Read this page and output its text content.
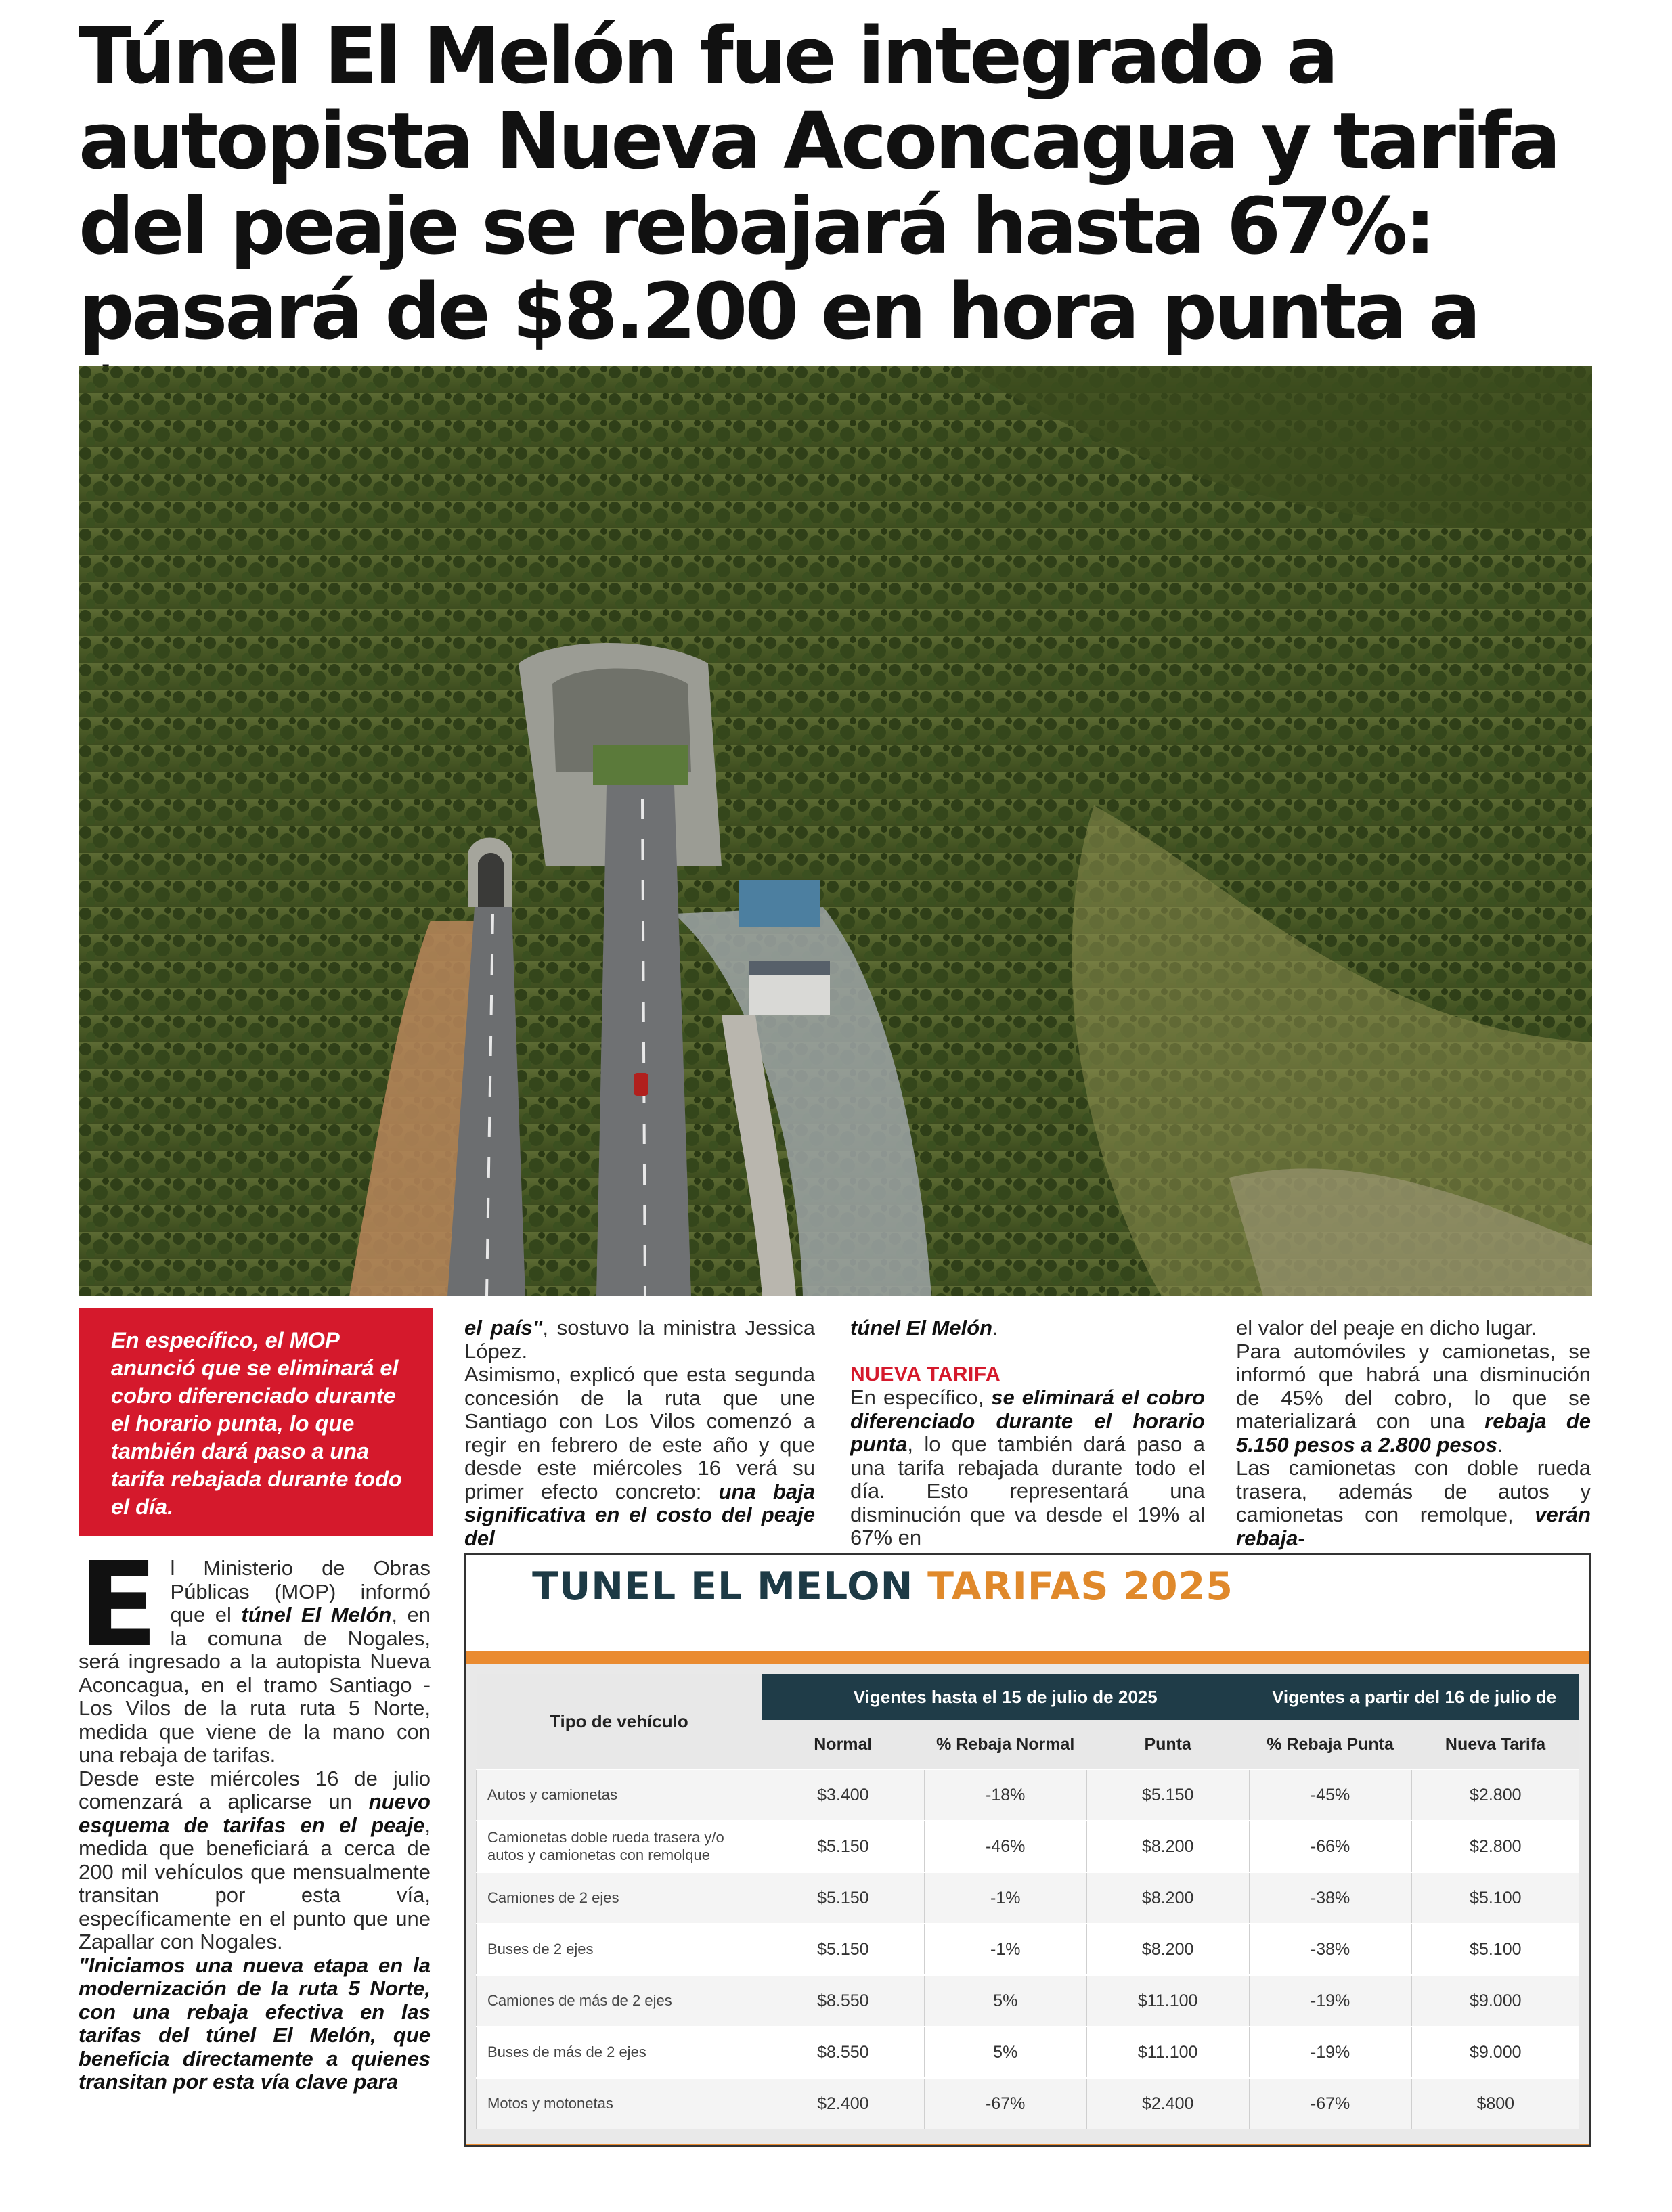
Túnel El Melón fue integrado a autopista Nueva Aconcagua y tarifa del peaje se rebajará hasta 67%: pasará de $8.200 en hora punta a
En específico, el MOP anunció que se eliminará el cobro diferenciado durante el horario punta, lo que también dará paso a una tarifa rebajada durante todo el día.

E l Ministerio de Obras Públicas (MOP) informó que el túnel El Melón, en la comuna de Nogales, será ingresado a la autopista Nueva Aconcagua, en el tramo Santiago - Los Vilos de la ruta ruta 5 Norte, medida que viene de la mano con una rebaja de tarifas.

Desde este miércoles 16 de julio comenzará a aplicarse un nuevo esquema de tarifas en el peaje, medida que beneficiará a cerca de 200 mil vehículos que mensualmente transitan por esta vía, específicamente en el punto que une Zapallar con Nogales.

"Iniciamos una nueva etapa en la modernización de la ruta 5 Norte, con una rebaja efectiva en las tarifas del túnel El Melón, que beneficia directamente a quienes transitan por esta vía clave para

el país", sostuvo la ministra Jessica López.

Asimismo, explicó que esta segunda concesión de la ruta que une Santiago con Los Vilos comenzó a regir en febrero de este año y que desde este miércoles 16 verá su primer efecto concreto: una baja significativa en el costo del peaje del

túnel El Melón.

NUEVA TARIFA

En específico, se eliminará el cobro diferenciado durante el horario punta, lo que también dará paso a una tarifa rebajada durante todo el día. Esto representará una disminución que va desde el 19% al 67% en

el valor del peaje en dicho lugar.

Para automóviles y camionetas, se informó que habrá una disminución de 45% del cobro, lo que se materializará con una rebaja de 5.150 pesos a 2.800 pesos.

Las camionetas con doble rueda trasera, además de autos y camionetas con remolque, verán rebaja-

TUNEL EL MELON TARIFAS 2025
Tipo de vehículo	Vigentes hasta el 15 de julio de 2025			Vigentes a partir del 16 de julio de	
	Normal	% Rebaja Normal	Punta	% Rebaja Punta	Nueva Tarifa
Autos y camionetas	$3.400	-18%	$5.150	-45%	$2.800
Camionetas doble rueda trasera y/o autos y camionetas con remolque	$5.150	-46%	$8.200	-66%	$2.800
Camiones de 2 ejes	$5.150	-1%	$8.200	-38%	$5.100
Buses de 2 ejes	$5.150	-1%	$8.200	-38%	$5.100
Camiones de más de 2 ejes	$8.550	5%	$11.100	-19%	$9.000
Buses de más de 2 ejes	$8.550	5%	$11.100	-19%	$9.000
Motos y motonetas	$2.400	-67%	$2.400	-67%	$800
